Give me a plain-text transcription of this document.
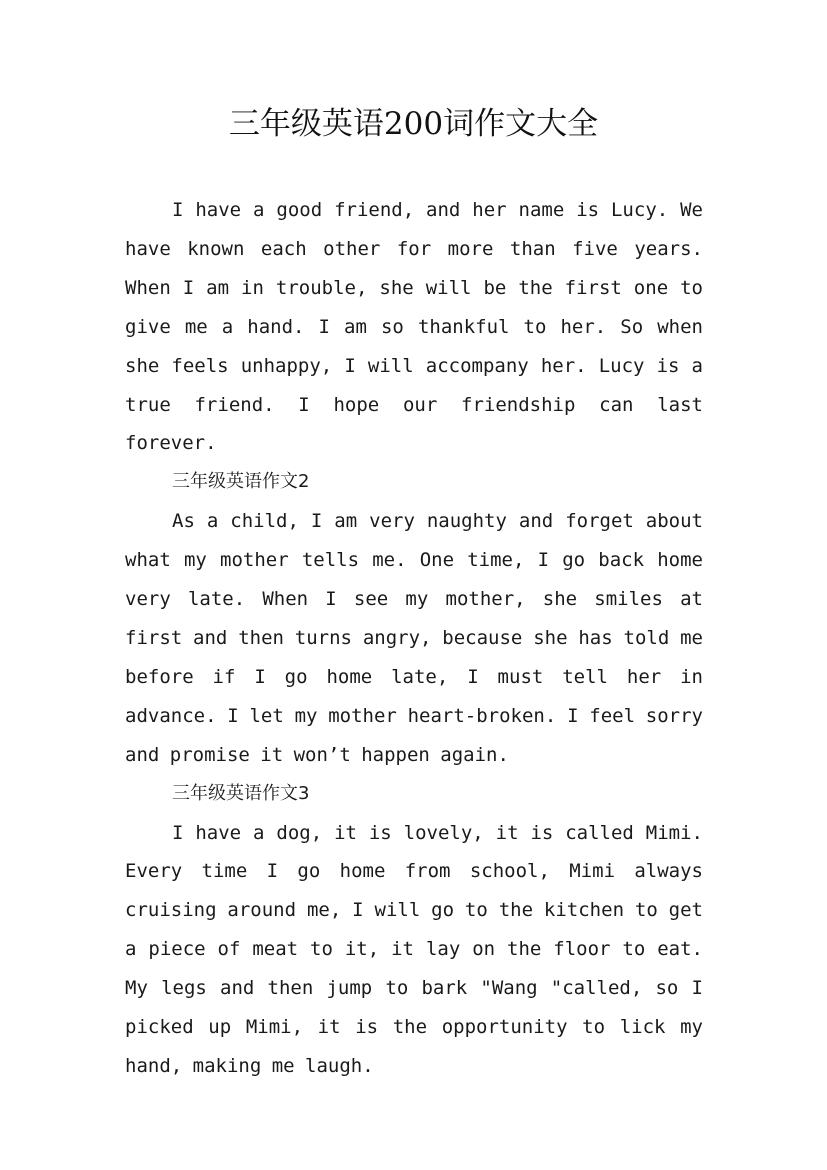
三年级英语200词作文大全

I have a good friend, and her name is Lucy. We have known each other for more than five years. When I am in trouble, she will be the first one to give me a hand. I am so thankful to her. So when she feels unhappy, I will accompany her. Lucy is a true friend. I hope our friendship can last forever.

三年级英语作文2

As a child, I am very naughty and forget about what my mother tells me. One time, I go back home very late. When I see my mother, she smiles at first and then turns angry, because she has told me before if I go home late, I must tell her in advance. I let my mother heart-broken. I feel sorry and promise it won’t happen again.

三年级英语作文3

I have a dog, it is lovely, it is called Mimi. Every time I go home from school, Mimi always cruising around me, I will go to the kitchen to get a piece of meat to it, it lay on the floor to eat. My legs and then jump to bark "Wang "called, so I picked up Mimi, it is the opportunity to lick my hand, making me laugh.
